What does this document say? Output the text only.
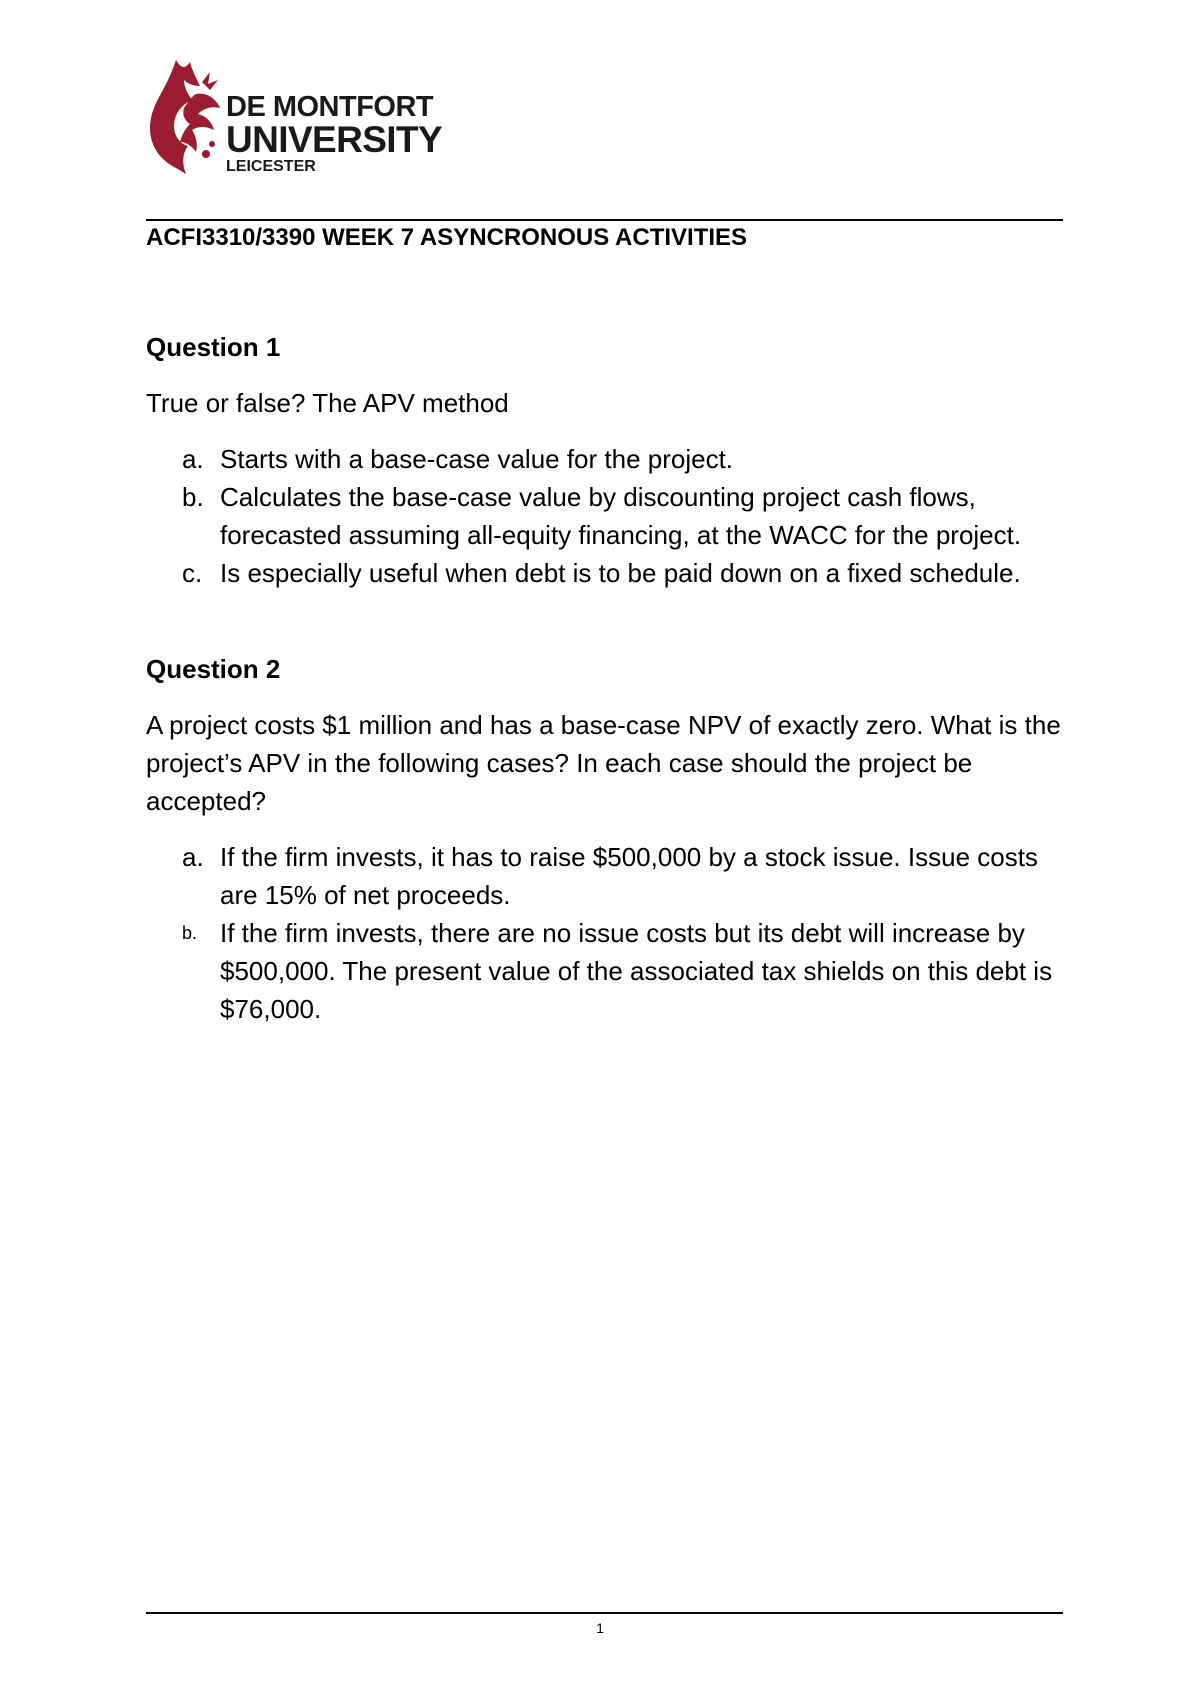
DE MONTFORT
UNIVERSITY
LEICESTER
ACFI3310/3390 WEEK 7 ASYNCRONOUS ACTIVITIES
Question 1

True or false? The APV method

a. Starts with a base-case value for the project.
b. Calculates the base-case value by discounting project cash flows, forecasted assuming all-equity financing, at the WACC for the project.
c. Is especially useful when debt is to be paid down on a fixed schedule.
Question 2

A project costs $1 million and has a base-case NPV of exactly zero. What is the project’s APV in the following cases? In each case should the project be accepted?

a. If the firm invests, it has to raise $500,000 by a stock issue. Issue costs are 15% of net proceeds.
b. If the firm invests, there are no issue costs but its debt will increase by $500,000. The present value of the associated tax shields on this debt is $76,000.
1
